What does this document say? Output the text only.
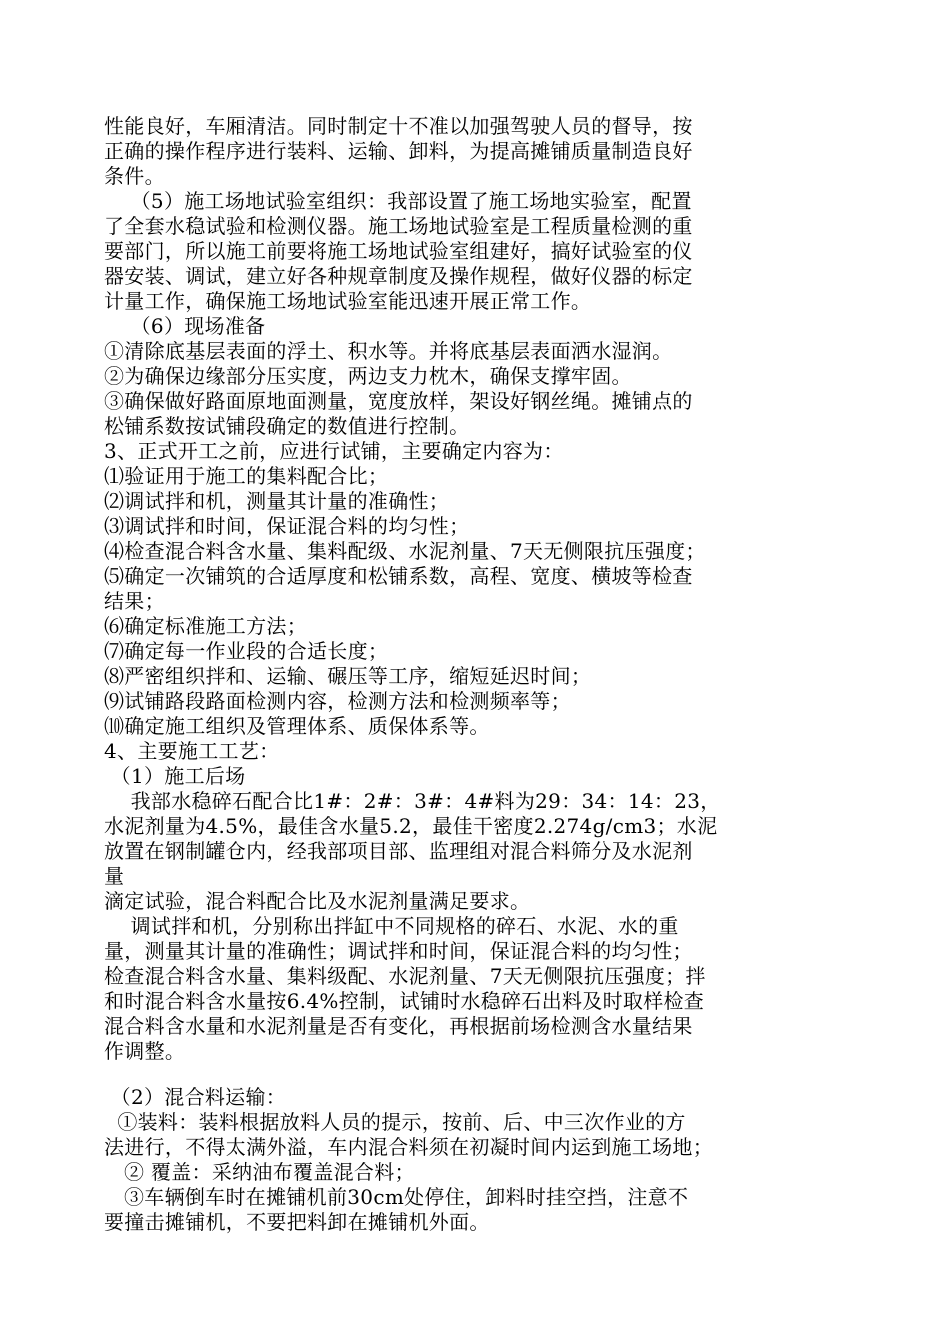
性能良好，车厢清洁。同时制定十不准以加强驾驶人员的督导，按
正确的操作程序进行装料、运输、卸料，为提高摊铺质量制造良好
条件。
（5）施工场地试验室组织：我部设置了施工场地实验室，配置
了全套水稳试验和检测仪器。施工场地试验室是工程质量检测的重
要部门，所以施工前要将施工场地试验室组建好，搞好试验室的仪
器安装、调试，建立好各种规章制度及操作规程，做好仪器的标定
计量工作，确保施工场地试验室能迅速开展正常工作。
（6）现场准备
①清除底基层表面的浮土、积水等。并将底基层表面洒水湿润。
②为确保边缘部分压实度，两边支力枕木，确保支撑牢固。
③确保做好路面原地面测量，宽度放样，架设好钢丝绳。摊铺点的
松铺系数按试铺段确定的数值进行控制。
3、正式开工之前，应进行试铺，主要确定内容为：
⑴验证用于施工的集料配合比；
⑵调试拌和机，测量其计量的准确性；
⑶调试拌和时间，保证混合料的均匀性；
⑷检查混合料含水量、集料配级、水泥剂量、7天无侧限抗压强度；
⑸确定一次铺筑的合适厚度和松铺系数，高程、宽度、横坡等检查
结果；
⑹确定标准施工方法；
⑺确定每一作业段的合适长度；
⑻严密组织拌和、运输、碾压等工序，缩短延迟时间；
⑼试铺路段路面检测内容，检测方法和检测频率等；
⑽确定施工组织及管理体系、质保体系等。
4、主要施工工艺：
（1）施工后场
我部水稳碎石配合比1#：2#：3#：4#料为29：34：14：23，
水泥剂量为4.5%，最佳含水量5.2，最佳干密度2.274g/cm3；水泥
放置在钢制罐仓内，经我部项目部、监理组对混合料筛分及水泥剂
量
滴定试验，混合料配合比及水泥剂量满足要求。
调试拌和机，分别称出拌缸中不同规格的碎石、水泥、水的重
量，测量其计量的准确性；调试拌和时间，保证混合料的均匀性；
检查混合料含水量、集料级配、水泥剂量、7天无侧限抗压强度；拌
和时混合料含水量按6.4%控制，试铺时水稳碎石出料及时取样检查
混合料含水量和水泥剂量是否有变化，再根据前场检测含水量结果
作调整。
（2）混合料运输：
①装料：装料根据放料人员的提示，按前、后、中三次作业的方
法进行，不得太满外溢，车内混合料须在初凝时间内运到施工场地；
② 覆盖：采纳油布覆盖混合料；
③车辆倒车时在摊铺机前30cm处停住，卸料时挂空挡，注意不
要撞击摊铺机，不要把料卸在摊铺机外面。
